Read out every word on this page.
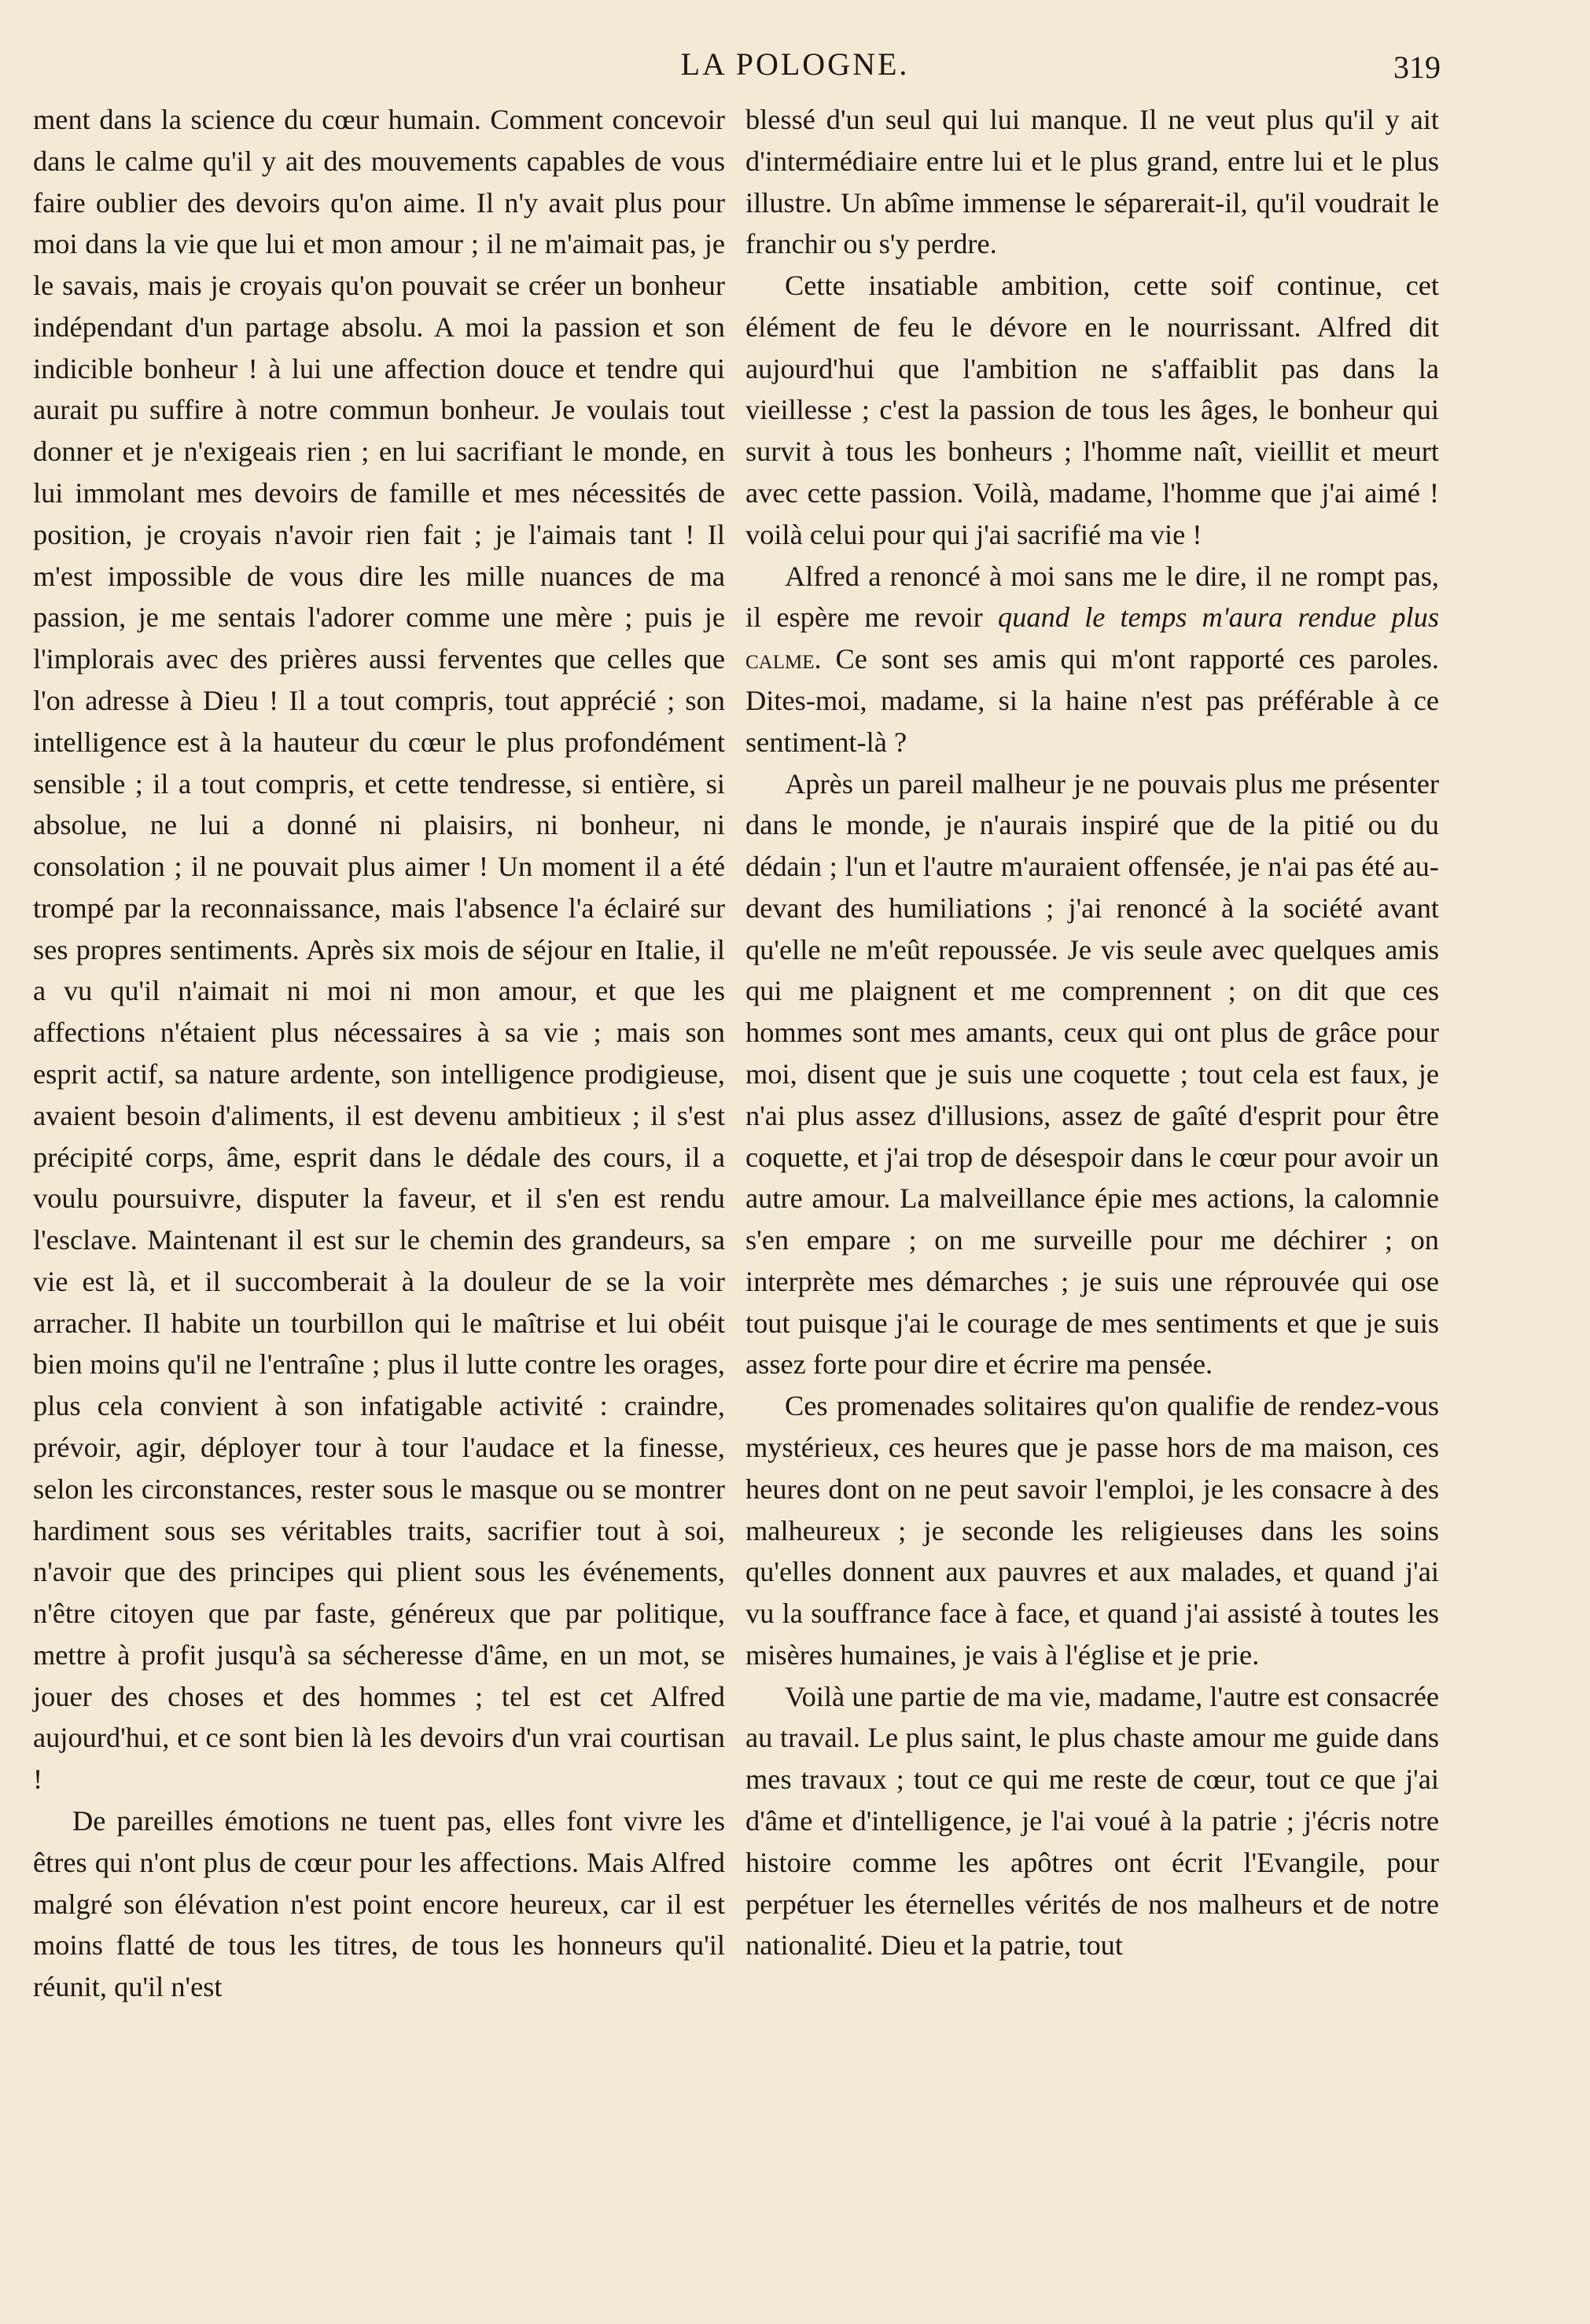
LA POLOGNE.	319

ment dans la science du cœur humain. Comment concevoir dans le calme qu'il y ait des mouvements capables de vous faire oublier des devoirs qu'on aime. Il n'y avait plus pour moi dans la vie que lui et mon amour ; il ne m'aimait pas, je le savais, mais je croyais qu'on pouvait se créer un bonheur indépendant d'un partage absolu. A moi la passion et son indicible bonheur ! à lui une affection douce et tendre qui aurait pu suffire à notre commun bonheur. Je voulais tout donner et je n'exigeais rien ; en lui sacrifiant le monde, en lui immolant mes devoirs de famille et mes nécessités de position, je croyais n'avoir rien fait ; je l'aimais tant ! Il m'est impossible de vous dire les mille nuances de ma passion, je me sentais l'adorer comme une mère ; puis je l'implorais avec des prières aussi ferventes que celles que l'on adresse à Dieu ! Il a tout compris, tout apprécié ; son intelligence est à la hauteur du cœur le plus profondément sensible ; il a tout compris, et cette tendresse, si entière, si absolue, ne lui a donné ni plaisirs, ni bonheur, ni consolation ; il ne pouvait plus aimer ! Un moment il a été trompé par la reconnaissance, mais l'absence l'a éclairé sur ses propres sentiments. Après six mois de séjour en Italie, il a vu qu'il n'aimait ni moi ni mon amour, et que les affections n'étaient plus nécessaires à sa vie ; mais son esprit actif, sa nature ardente, son intelligence prodigieuse, avaient besoin d'aliments, il est devenu ambitieux ; il s'est précipité corps, âme, esprit dans le dédale des cours, il a voulu poursuivre, disputer la faveur, et il s'en est rendu l'esclave. Maintenant il est sur le chemin des grandeurs, sa vie est là, et il succomberait à la douleur de se la voir arracher. Il habite un tourbillon qui le maîtrise et lui obéit bien moins qu'il ne l'entraîne ; plus il lutte contre les orages, plus cela convient à son infatigable activité : craindre, prévoir, agir, déployer tour à tour l'audace et la finesse, selon les circonstances, rester sous le masque ou se montrer hardiment sous ses véritables traits, sacrifier tout à soi, n'avoir que des principes qui plient sous les événements, n'être citoyen que par faste, généreux que par politique, mettre à profit jusqu'à sa sécheresse d'âme, en un mot, se jouer des choses et des hommes ; tel est cet Alfred aujourd'hui, et ce sont bien là les devoirs d'un vrai courtisan !

De pareilles émotions ne tuent pas, elles font vivre les êtres qui n'ont plus de cœur pour les affections. Mais Alfred malgré son élévation n'est point encore heureux, car il est moins flatté de tous les titres, de tous les honneurs qu'il réunit, qu'il n'est

blessé d'un seul qui lui manque. Il ne veut plus qu'il y ait d'intermédiaire entre lui et le plus grand, entre lui et le plus illustre. Un abîme immense le séparerait-il, qu'il voudrait le franchir ou s'y perdre.

Cette insatiable ambition, cette soif continue, cet élément de feu le dévore en le nourrissant. Alfred dit aujourd'hui que l'ambition ne s'affaiblit pas dans la vieillesse ; c'est la passion de tous les âges, le bonheur qui survit à tous les bonheurs ; l'homme naît, vieillit et meurt avec cette passion. Voilà, madame, l'homme que j'ai aimé ! voilà celui pour qui j'ai sacrifié ma vie !

Alfred a renoncé à moi sans me le dire, il ne rompt pas, il espère me revoir quand le temps m'aura rendue plus calme. Ce sont ses amis qui m'ont rapporté ces paroles. Dites-moi, madame, si la haine n'est pas préférable à ce sentiment-là ?

Après un pareil malheur je ne pouvais plus me présenter dans le monde, je n'aurais inspiré que de la pitié ou du dédain ; l'un et l'autre m'auraient offensée, je n'ai pas été au-devant des humiliations ; j'ai renoncé à la société avant qu'elle ne m'eût repoussée. Je vis seule avec quelques amis qui me plaignent et me comprennent ; on dit que ces hommes sont mes amants, ceux qui ont plus de grâce pour moi, disent que je suis une coquette ; tout cela est faux, je n'ai plus assez d'illusions, assez de gaîté d'esprit pour être coquette, et j'ai trop de désespoir dans le cœur pour avoir un autre amour. La malveillance épie mes actions, la calomnie s'en empare ; on me surveille pour me déchirer ; on interprète mes démarches ; je suis une réprouvée qui ose tout puisque j'ai le courage de mes sentiments et que je suis assez forte pour dire et écrire ma pensée.

Ces promenades solitaires qu'on qualifie de rendez-vous mystérieux, ces heures que je passe hors de ma maison, ces heures dont on ne peut savoir l'emploi, je les consacre à des malheureux ; je seconde les religieuses dans les soins qu'elles donnent aux pauvres et aux malades, et quand j'ai vu la souffrance face à face, et quand j'ai assisté à toutes les misères humaines, je vais à l'église et je prie.

Voilà une partie de ma vie, madame, l'autre est consacrée au travail. Le plus saint, le plus chaste amour me guide dans mes travaux ; tout ce qui me reste de cœur, tout ce que j'ai d'âme et d'intelligence, je l'ai voué à la patrie ; j'écris notre histoire comme les apôtres ont écrit l'Evangile, pour perpétuer les éternelles vérités de nos malheurs et de notre nationalité. Dieu et la patrie, tout
